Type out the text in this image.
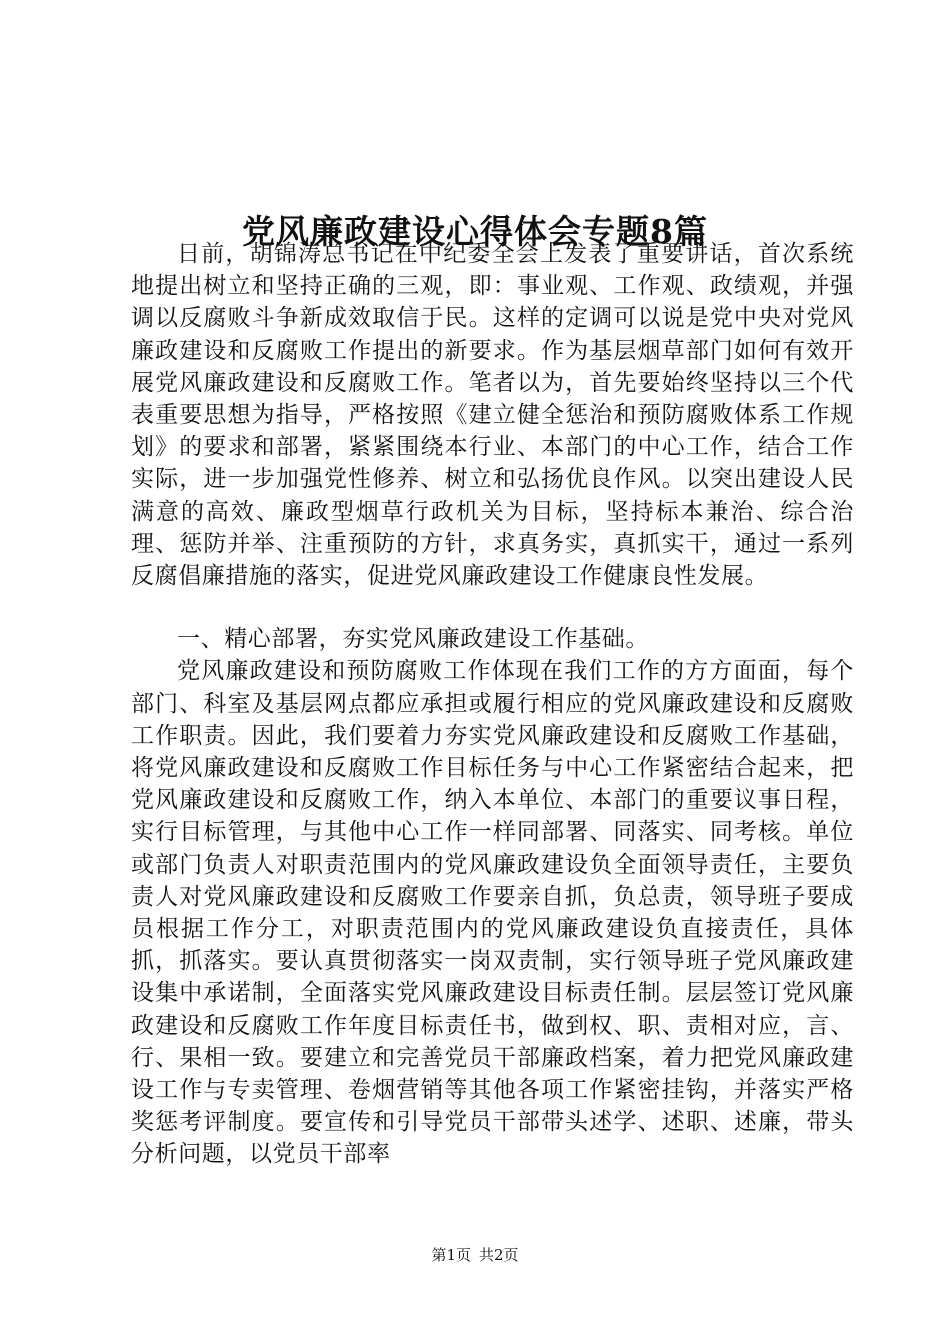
党风廉政建设心得体会专题8篇

日前，胡锦涛总书记在中纪委全会上发表了重要讲话，首次系统地提出树立和坚持正确的三观，即：事业观、工作观、政绩观，并强调以反腐败斗争新成效取信于民。这样的定调可以说是党中央对党风廉政建设和反腐败工作提出的新要求。作为基层烟草部门如何有效开展党风廉政建设和反腐败工作。笔者以为，首先要始终坚持以三个代表重要思想为指导，严格按照《建立健全惩治和预防腐败体系工作规划》的要求和部署，紧紧围绕本行业、本部门的中心工作，结合工作实际，进一步加强党性修养、树立和弘扬优良作风。以突出建设人民满意的高效、廉政型烟草行政机关为目标，坚持标本兼治、综合治理、惩防并举、注重预防的方针，求真务实，真抓实干，通过一系列反腐倡廉措施的落实，促进党风廉政建设工作健康良性发展。

一、精心部署，夯实党风廉政建设工作基础。

党风廉政建设和预防腐败工作体现在我们工作的方方面面，每个部门、科室及基层网点都应承担或履行相应的党风廉政建设和反腐败工作职责。因此，我们要着力夯实党风廉政建设和反腐败工作基础，将党风廉政建设和反腐败工作目标任务与中心工作紧密结合起来，把党风廉政建设和反腐败工作，纳入本单位、本部门的重要议事日程，实行目标管理，与其他中心工作一样同部署、同落实、同考核。单位或部门负责人对职责范围内的党风廉政建设负全面领导责任，主要负责人对党风廉政建设和反腐败工作要亲自抓，负总责，领导班子要成员根据工作分工，对职责范围内的党风廉政建设负直接责任，具体抓，抓落实。要认真贯彻落实一岗双责制，实行领导班子党风廉政建设集中承诺制，全面落实党风廉政建设目标责任制。层层签订党风廉政建设和反腐败工作年度目标责任书，做到权、职、责相对应，言、行、果相一致。要建立和完善党员干部廉政档案，着力把党风廉政建设工作与专卖管理、卷烟营销等其他各项工作紧密挂钩，并落实严格奖惩考评制度。要宣传和引导党员干部带头述学、述职、述廉，带头分析问题，以党员干部率

第1页 共2页
